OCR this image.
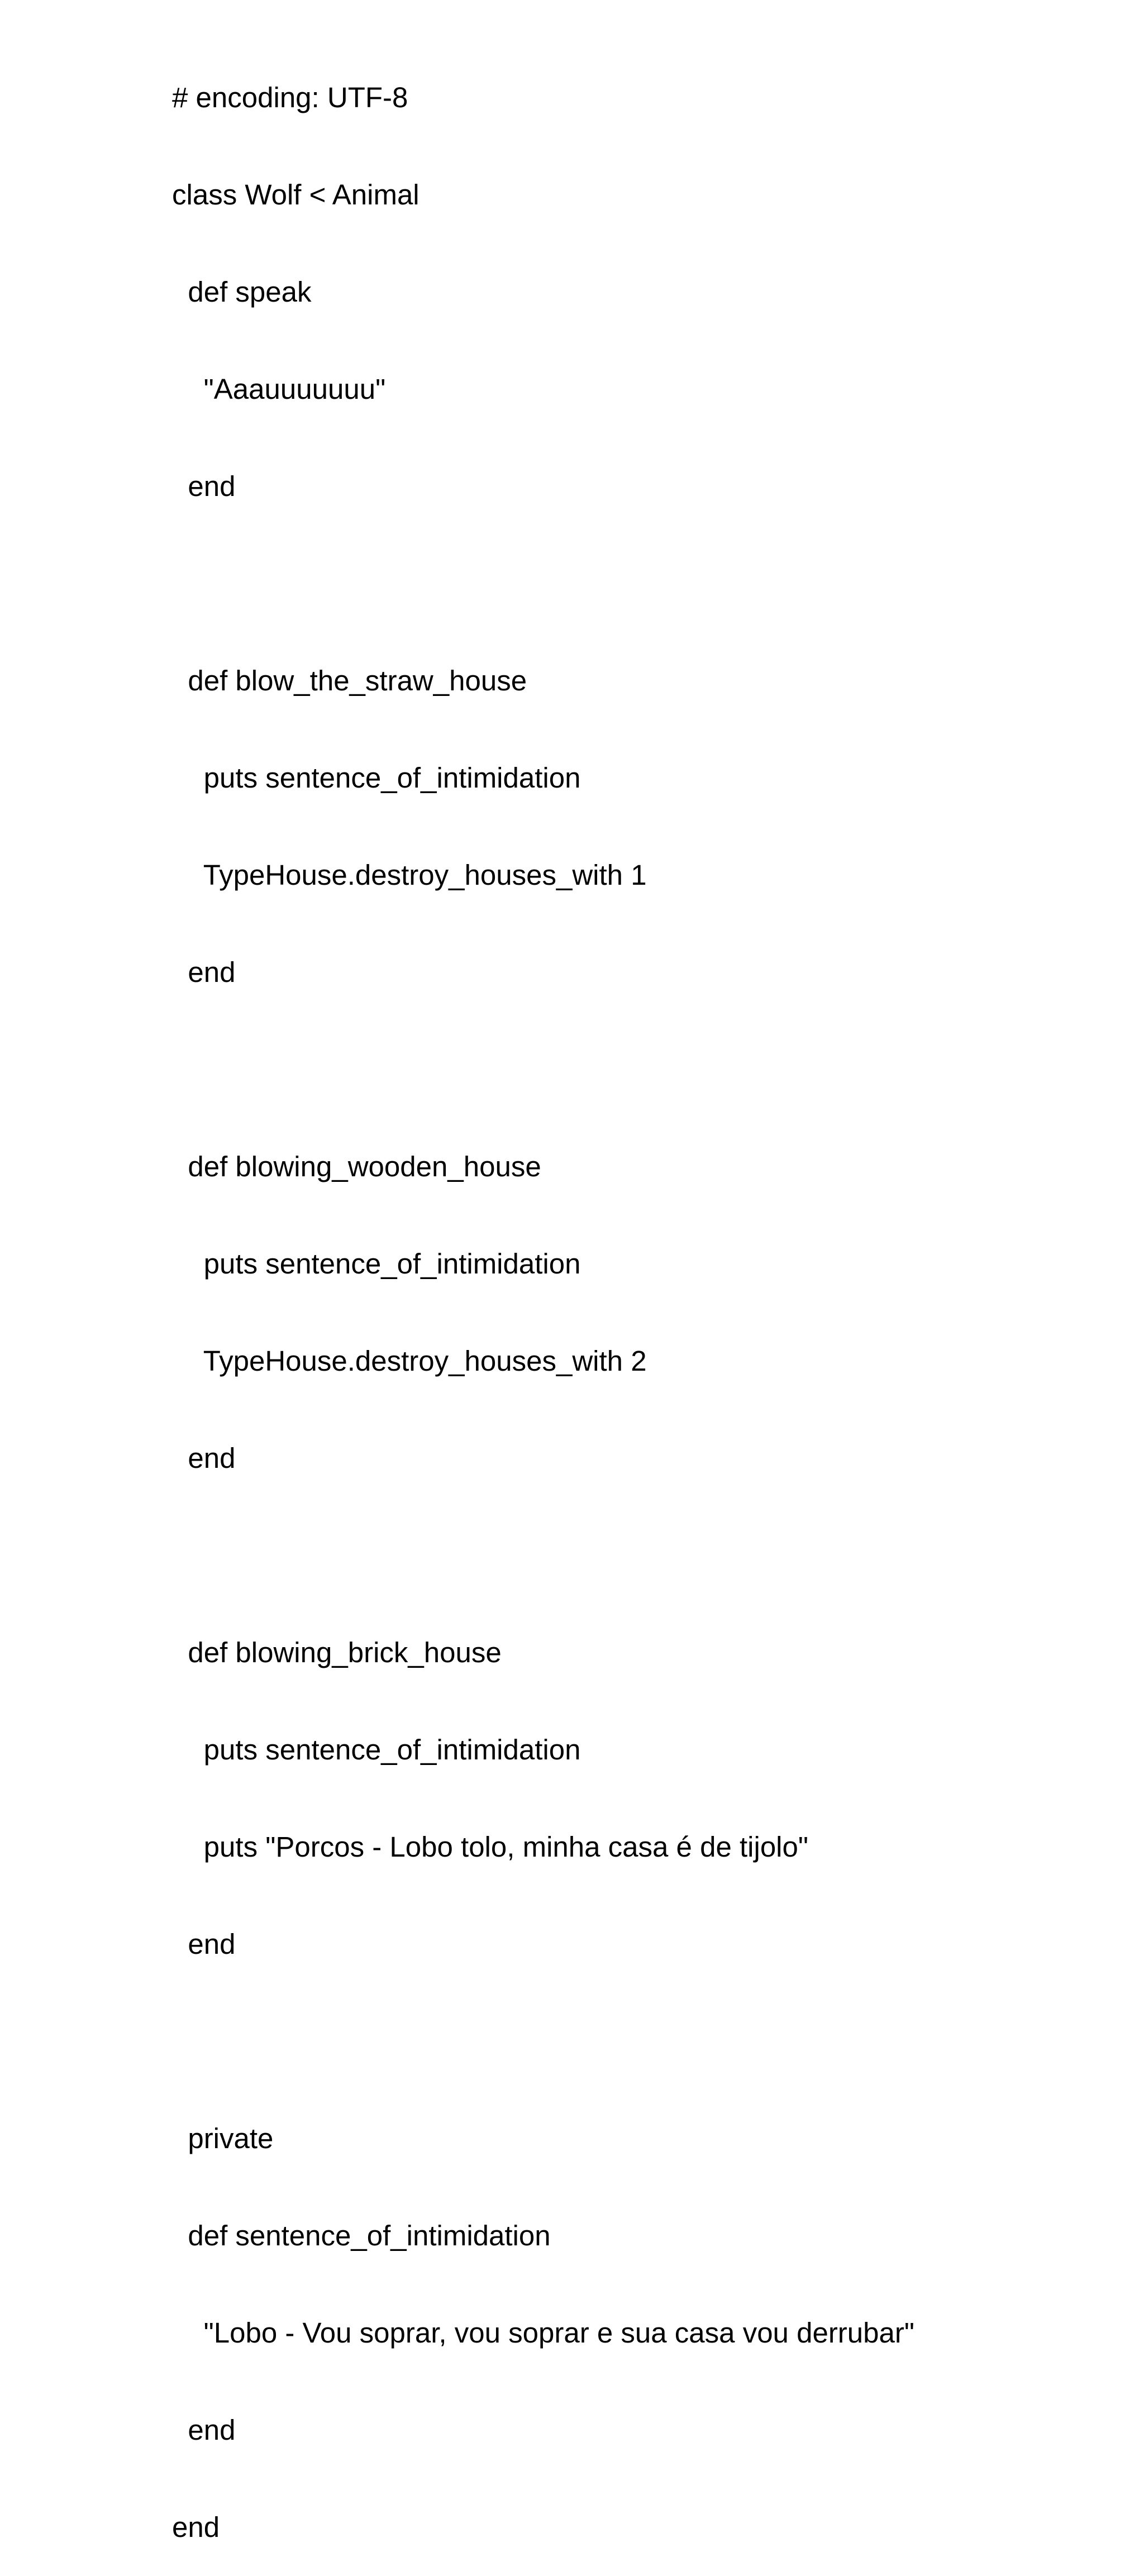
# encoding: UTF-8

class Wolf < Animal

def speak

"Aaauuuuuuu"

end

def blow_the_straw_house

puts sentence_of_intimidation

TypeHouse.destroy_houses_with 1

end

def blowing_wooden_house

puts sentence_of_intimidation

TypeHouse.destroy_houses_with 2

end

def blowing_brick_house

puts sentence_of_intimidation

puts "Porcos - Lobo tolo, minha casa é de tijolo"

end

private

def sentence_of_intimidation

"Lobo - Vou soprar, vou soprar e sua casa vou derrubar"

end

end
